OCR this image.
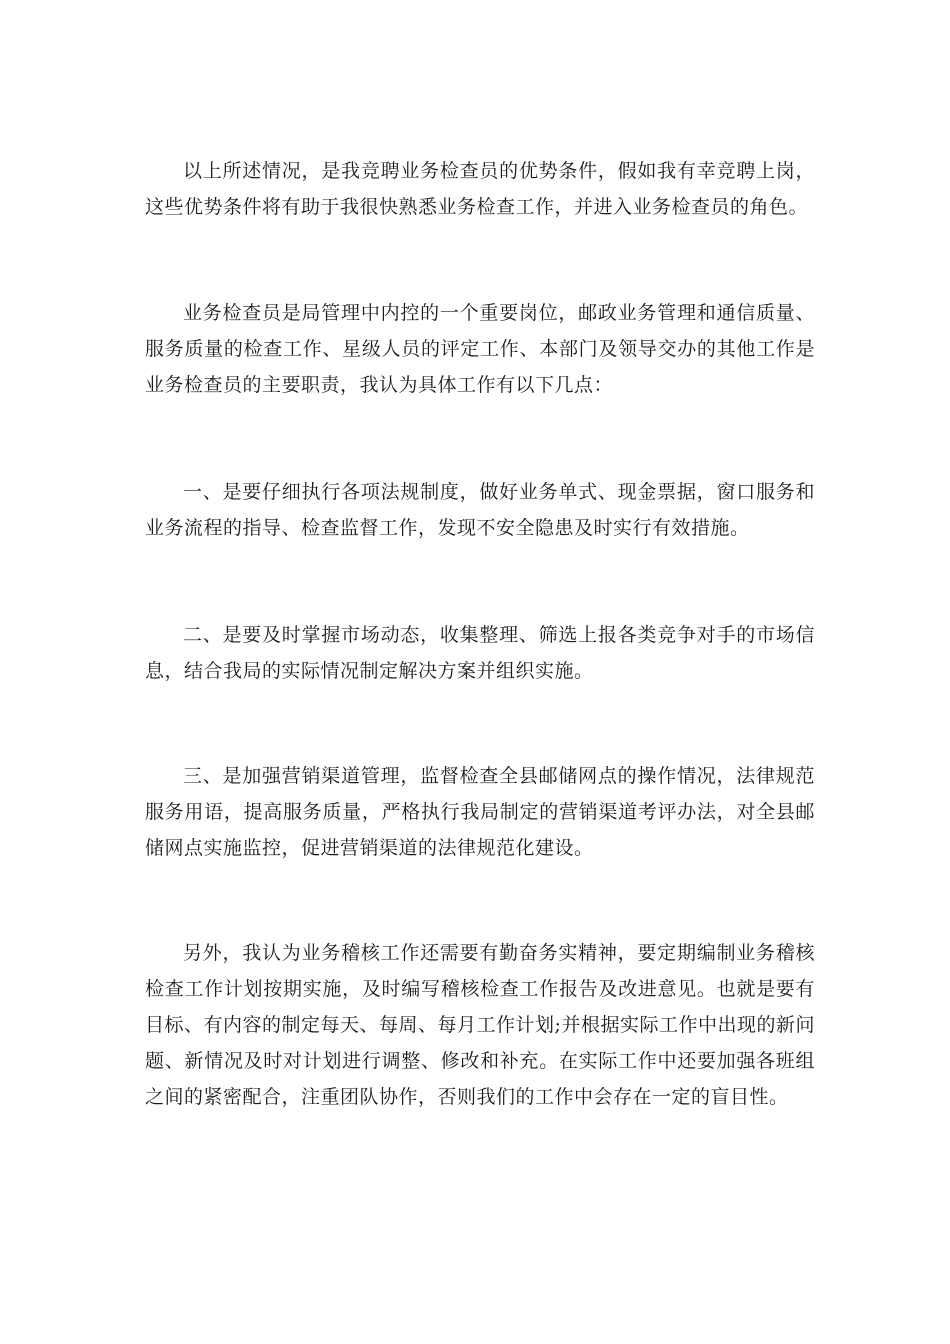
以上所述情况，是我竞聘业务检查员的优势条件，假如我有幸竞聘上岗，这些优势条件将有助于我很快熟悉业务检查工作，并进入业务检查员的角色。

业务检查员是局管理中内控的一个重要岗位，邮政业务管理和通信质量、服务质量的检查工作、星级人员的评定工作、本部门及领导交办的其他工作是业务检查员的主要职责，我认为具体工作有以下几点：

一、是要仔细执行各项法规制度，做好业务单式、现金票据，窗口服务和业务流程的指导、检查监督工作，发现不安全隐患及时实行有效措施。

二、是要及时掌握市场动态，收集整理、筛选上报各类竞争对手的市场信息，结合我局的实际情况制定解决方案并组织实施。

三、是加强营销渠道管理，监督检查全县邮储网点的操作情况，法律规范服务用语，提高服务质量，严格执行我局制定的营销渠道考评办法，对全县邮储网点实施监控，促进营销渠道的法律规范化建设。

另外，我认为业务稽核工作还需要有勤奋务实精神，要定期编制业务稽核检查工作计划按期实施，及时编写稽核检查工作报告及改进意见。也就是要有目标、有内容的制定每天、每周、每月工作计划;并根据实际工作中出现的新问题、新情况及时对计划进行调整、修改和补充。在实际工作中还要加强各班组之间的紧密配合，注重团队协作，否则我们的工作中会存在一定的盲目性。
